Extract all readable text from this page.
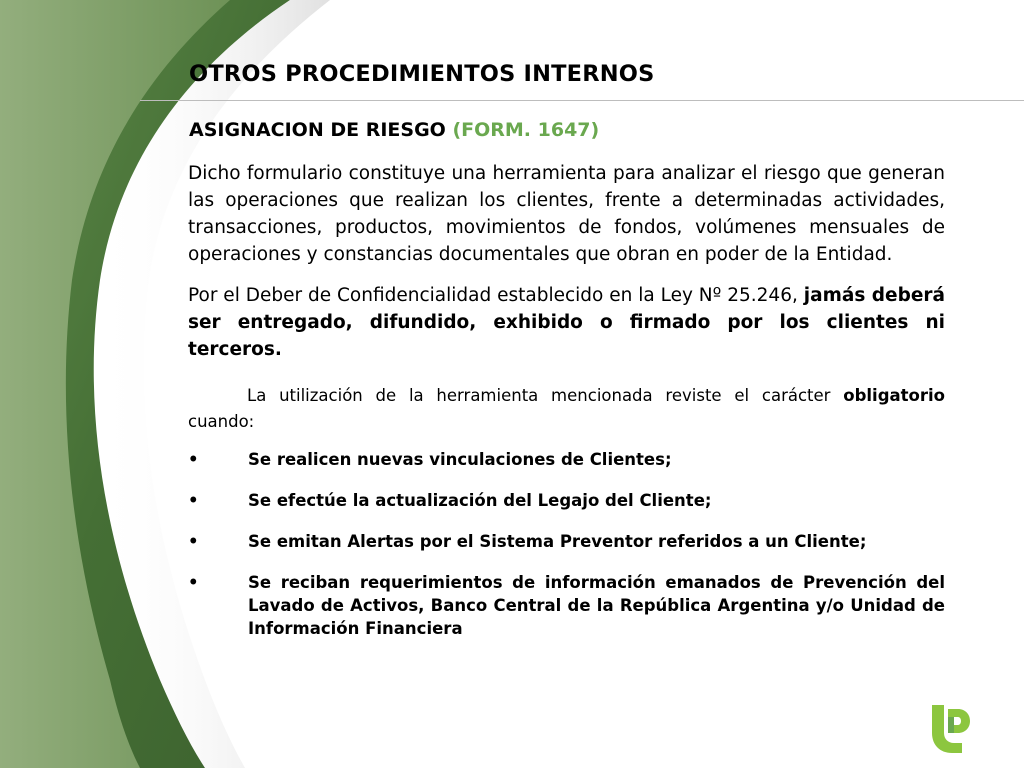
OTROS PROCEDIMIENTOS INTERNOS
ASIGNACION DE RIESGO (FORM. 1647)

Dicho formulario constituye una herramienta para analizar el riesgo que generan las operaciones que realizan los clientes, frente a determinadas actividades, transacciones, productos, movimientos de fondos, volúmenes mensuales de operaciones y constancias documentales que obran en poder de la Entidad.

Por el Deber de Confidencialidad establecido en la Ley Nº 25.246, jamás deberá ser entregado, difundido, exhibido o firmado por los clientes ni terceros.

La utilización de la herramienta mencionada reviste el carácter obligatorio cuando:

•	Se realicen nuevas vinculaciones de Clientes;
•	Se efectúe la actualización del Legajo del Cliente;
•	Se emitan Alertas por el Sistema Preventor referidos a un Cliente;
•	Se reciban requerimientos de información emanados de Prevención del Lavado de Activos, Banco Central de la República Argentina y/o Unidad de Información Financiera
